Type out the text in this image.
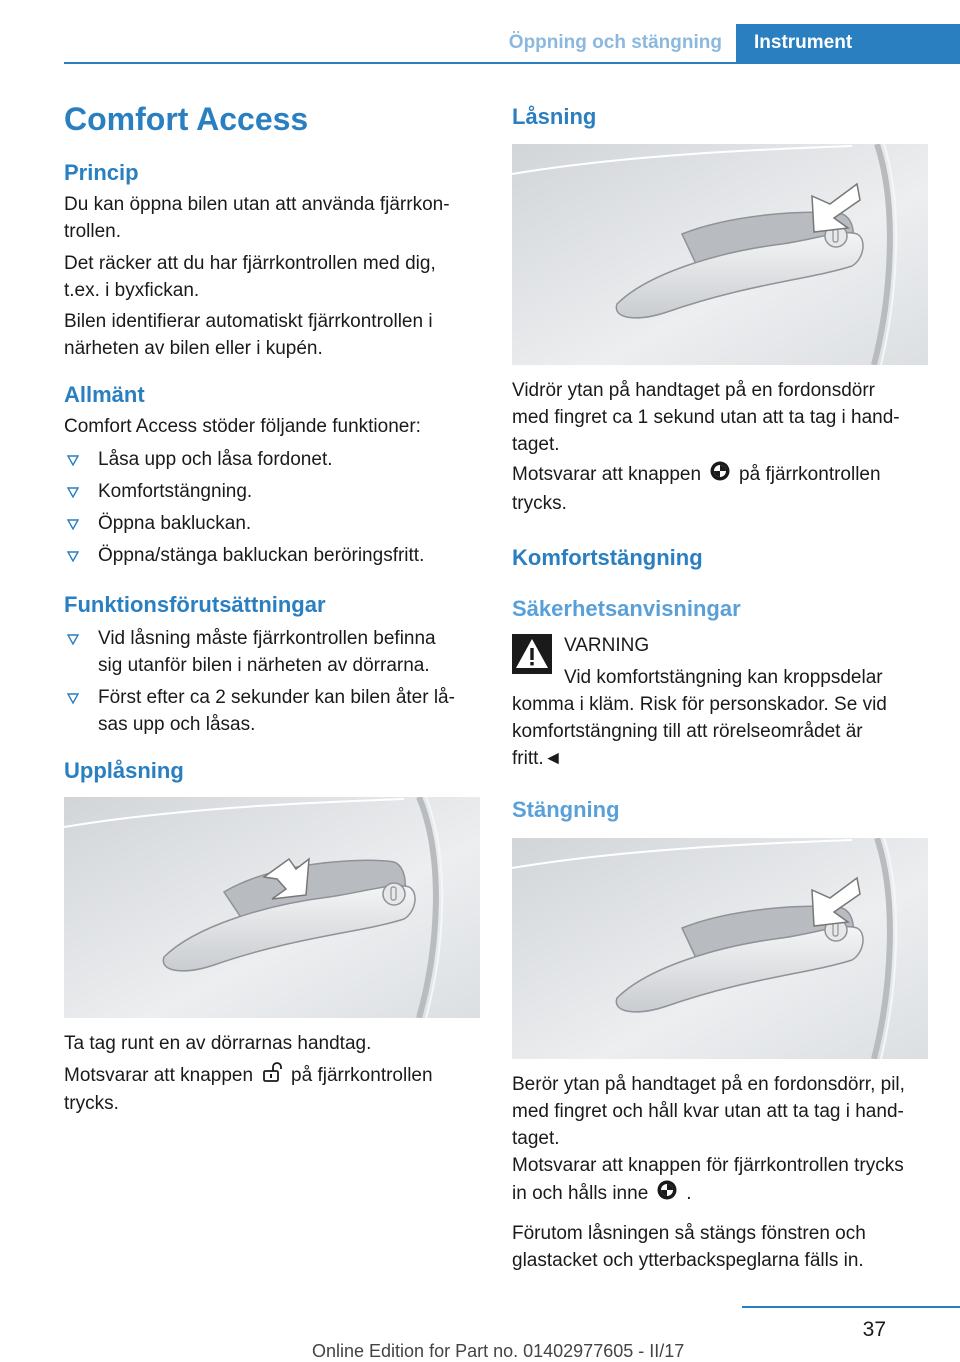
Öppning och stängning	Instrument
Comfort Access
Princip
Du kan öppna bilen utan att använda fjärrkon‐
trollen.
Det räcker att du har fjärrkontrollen med dig,
t.ex. i byxfickan.
Bilen identifierar automatiskt fjärrkontrollen i
närheten av bilen eller i kupén.
Allmänt
Comfort Access stöder följande funktioner:
Låsa upp och låsa fordonet.
Komfortstängning.
Öppna bakluckan.
Öppna/stänga bakluckan beröringsfritt.
Funktionsförutsättningar
Vid låsning måste fjärrkontrollen befinna
sig utanför bilen i närheten av dörrarna.
Först efter ca 2 sekunder kan bilen åter lå‐
sas upp och låsas.
Upplåsning
Ta tag runt en av dörrarnas handtag.
Motsvarar att knappen på fjärrkontrollen
trycks.
Låsning
Vidrör ytan på handtaget på en fordonsdörr
med fingret ca 1 sekund utan att ta tag i hand‐
taget.
Motsvarar att knappen på fjärrkontrollen
trycks.
Komfortstängning
Säkerhetsanvisningar
VARNING
Vid komfortstängning kan kroppsdelar
komma i kläm. Risk för personskador. Se vid
komfortstängning till att rörelseområdet är
fritt.◄
Stängning
Berör ytan på handtaget på en fordonsdörr, pil,
med fingret och håll kvar utan att ta tag i hand‐
taget.
Motsvarar att knappen för fjärrkontrollen trycks
in och hålls inne .
Förutom låsningen så stängs fönstren och
glastacket och ytterbackspeglarna fälls in.
37
Online Edition for Part no. 01402977605 - II/17
